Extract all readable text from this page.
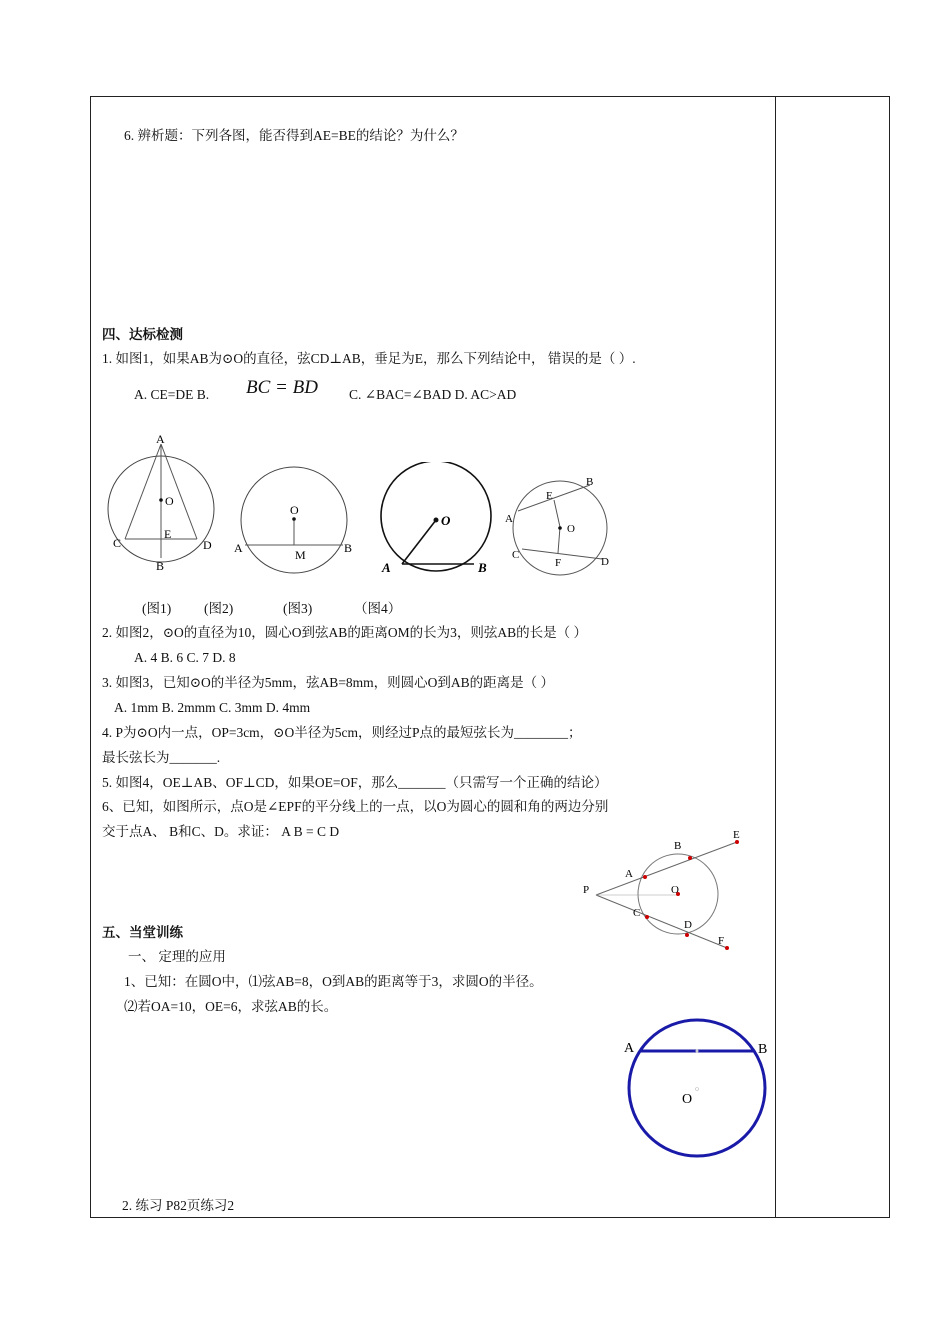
6. 辨析题：下列各图，能否得到AE=BE的结论？为什么？
四、达标检测
1. 如图1，如果AB为⊙O的直径，弦CD⊥AB，垂足为E，那么下列结论中， 错误的是（ ）.
A. CE=DE B. BC = BD C. ∠BAC=∠BAD D. AC>AD
A
O
C
E
D
B
O
A	M	B
O
A	B
B
E
A
O
C
F	D
(图1) (图2)	(图3)	（图4）
2. 如图2，⊙O的直径为10，圆心O到弦AB的距离OM的长为3，则弦AB的长是（ ）
A. 4 B. 6 C. 7 D. 8
3. 如图3，已知⊙O的半径为5mm，弦AB=8mm，则圆心O到AB的距离是（ ）
A. 1mm B. 2mmm C. 3mm D. 4mm
4. P为⊙O内一点，OP=3cm，⊙O半径为5cm，则经过P点的最短弦长为________；
最长弦长为_______.
5. 如图4，OE⊥AB、OF⊥CD，如果OE=OF，那么_______（只需写一个正确的结论）
6、已知，如图所示，点O是∠EPF的平分线上的一点，以O为圆心的圆和角的两边分别
交于点A、 B和C、D。求证： A B = C D	E
B
A
P	O
C
D
F
五、当堂训练
一、 定理的应用
1、已知：在圆O中，⑴弦AB=8，O到AB的距离等于3，求圆O的半径。
⑵若OA=10，OE=6，求弦AB的长。
A	B
O
2. 练习 P82页练习2
